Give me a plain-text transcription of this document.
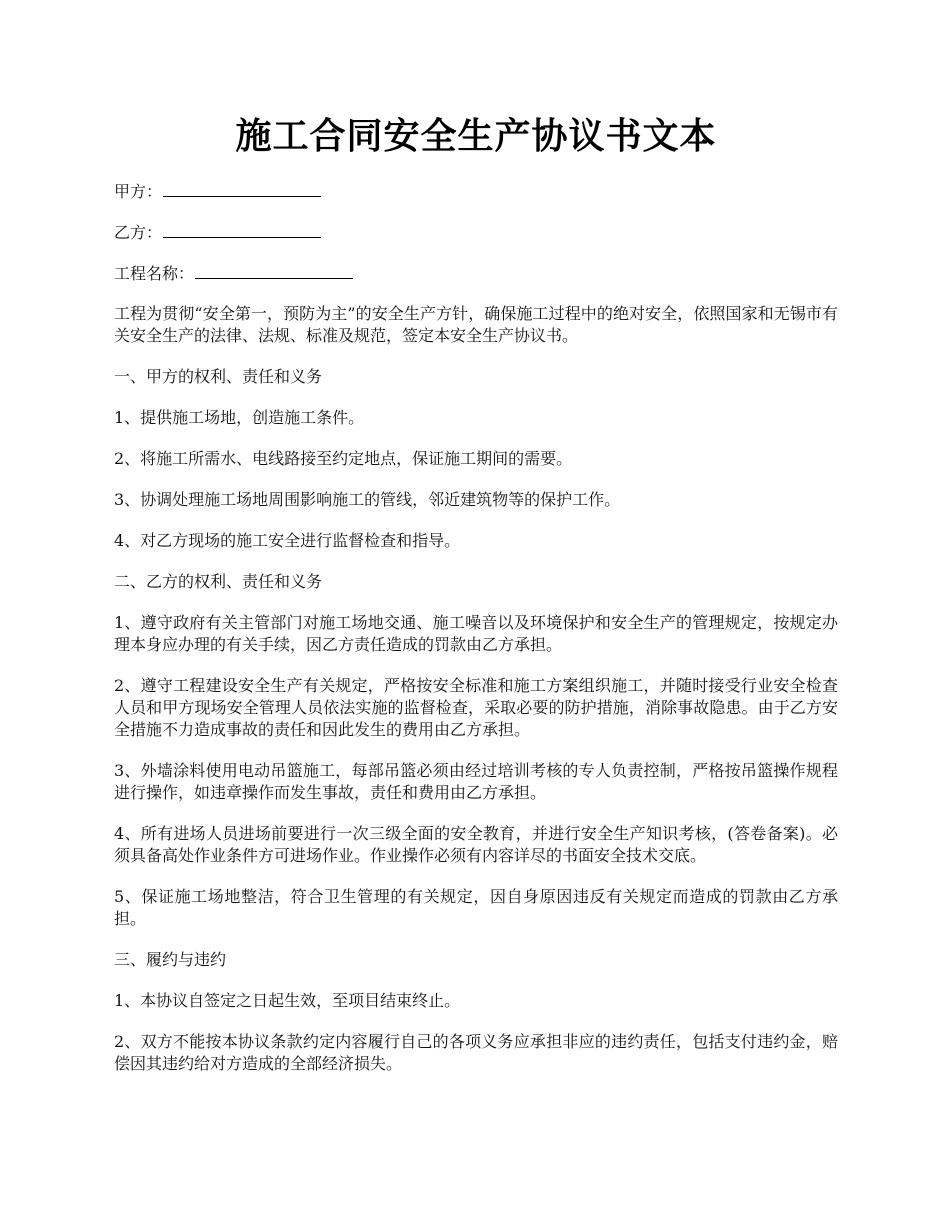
施工合同安全生产协议书文本
甲方：
乙方：
工程名称：

工程为贯彻“安全第一，预防为主”的安全生产方针，确保施工过程中的绝对安全，依照国家和无锡市有关安全生产的法律、法规、标准及规范，签定本安全生产协议书。

一、甲方的权利、责任和义务

1、提供施工场地，创造施工条件。

2、将施工所需水、电线路接至约定地点，保证施工期间的需要。

3、协调处理施工场地周围影响施工的管线，邻近建筑物等的保护工作。

4、对乙方现场的施工安全进行监督检查和指导。

二、乙方的权利、责任和义务

1、遵守政府有关主管部门对施工场地交通、施工噪音以及环境保护和安全生产的管理规定，按规定办理本身应办理的有关手续，因乙方责任造成的罚款由乙方承担。

2、遵守工程建设安全生产有关规定，严格按安全标准和施工方案组织施工，并随时接受行业安全检查人员和甲方现场安全管理人员依法实施的监督检查，采取必要的防护措施，消除事故隐患。由于乙方安全措施不力造成事故的责任和因此发生的费用由乙方承担。

3、外墙涂料使用电动吊篮施工，每部吊篮必须由经过培训考核的专人负责控制，严格按吊篮操作规程进行操作，如违章操作而发生事故，责任和费用由乙方承担。

4、所有进场人员进场前要进行一次三级全面的安全教育，并进行安全生产知识考核，(答卷备案)。必须具备高处作业条件方可进场作业。作业操作必须有内容详尽的书面安全技术交底。

5、保证施工场地整洁，符合卫生管理的有关规定，因自身原因违反有关规定而造成的罚款由乙方承担。

三、履约与违约

1、本协议自签定之日起生效，至项目结束终止。

2、双方不能按本协议条款约定内容履行自己的各项义务应承担非应的违约责任，包括支付违约金，赔偿因其违约给对方造成的全部经济损失。
